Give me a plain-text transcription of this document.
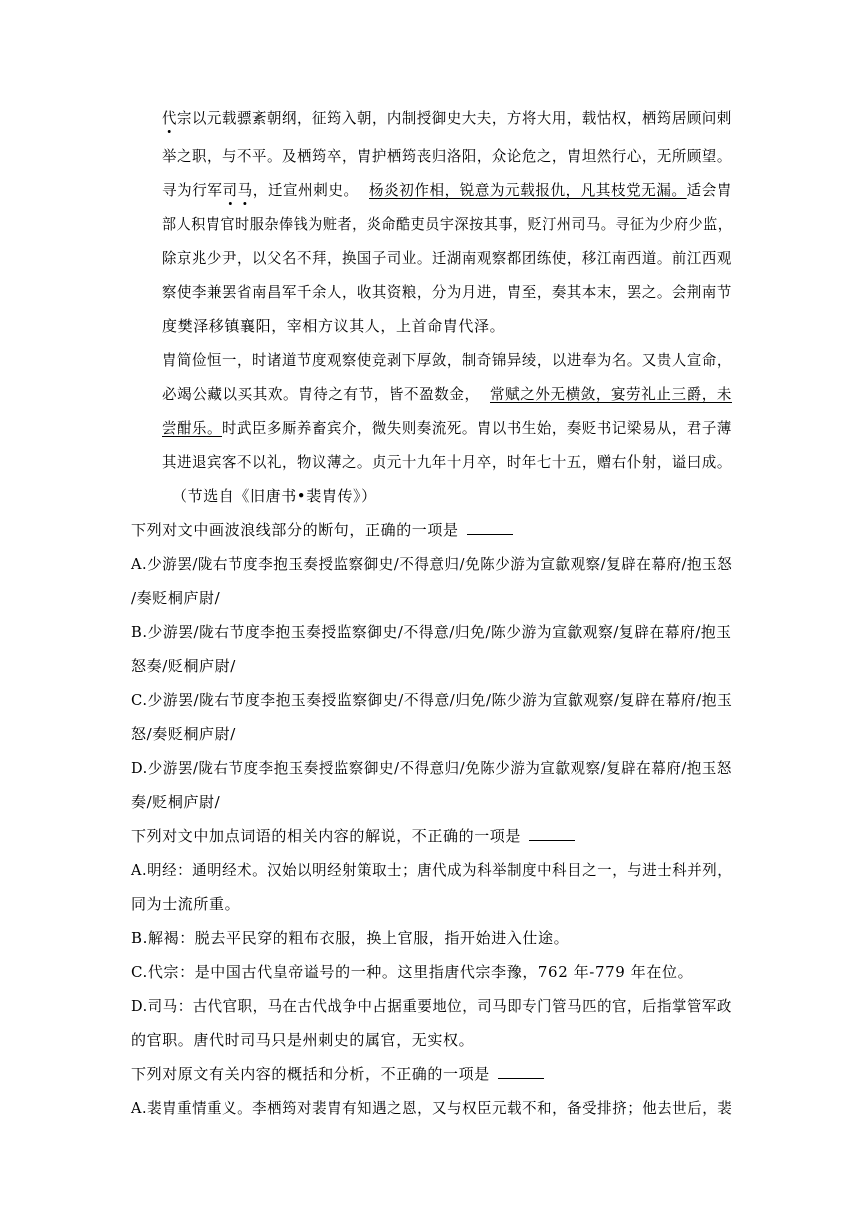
代宗以元载骠紊朝纲，征筠入朝，内制授御史大夫，方将大用，载怙权，栖筠居顾问剌
举之职，与不平。及栖筠卒，胄护栖筠丧归洛阳，众论危之，胄坦然行心，无所顾望。
寻为行军司马，迁宣州刺史。 杨炎初作相，锐意为元载报仇，凡其枝党无漏。适会胄
部人积胄官时服杂俸钱为赃者，炎命酷吏员宇深按其事，贬汀州司马。寻征为少府少监，
除京兆少尹，以父名不拜，换国子司业。迁湖南观察都团练使，移江南西道。前江西观
察使李兼罢省南昌军千余人，收其资粮，分为月进，胄至，奏其本末，罢之。会荆南节
度樊泽移镇襄阳，宰相方议其人，上首命胄代泽。
胄简俭恒一，时诸道节度观察使竞剥下厚敛，制奇锦异绫，以进奉为名。又贵人宣命，
必竭公藏以买其欢。胄待之有节，皆不盈数金， 常赋之外无横敛，宴劳礼止三爵，未
尝酣乐。时武臣多厮养畜宾介，微失则奏流死。胄以书生始，奏贬书记梁易从，君子薄
其进退宾客不以礼，物议薄之。贞元十九年十月卒，时年七十五，赠右仆射，谥曰成。
（节选自《旧唐书•裴胄传》）
下列对文中画波浪线部分的断句，正确的一项是
A.少游罢/陇右节度李抱玉奏授监察御史/不得意归/免陈少游为宣歙观察/复辟在幕府/抱玉怒
/奏贬桐庐尉/
B.少游罢/陇右节度李抱玉奏授监察御史/不得意/归免/陈少游为宣歙观察/复辟在幕府/抱玉
怒奏/贬桐庐尉/
C.少游罢/陇右节度李抱玉奏授监察御史/不得意/归免/陈少游为宣歙观察/复辟在幕府/抱玉
怒/奏贬桐庐尉/
D.少游罢/陇右节度李抱玉奏授监察御史/不得意归/免陈少游为宣歙观察/复辟在幕府/抱玉怒
奏/贬桐庐尉/
下列对文中加点词语的相关内容的解说，不正确的一项是
A.明经：通明经术。汉始以明经射策取士；唐代成为科举制度中科目之一，与进士科并列，
同为士流所重。
B.解褐：脱去平民穿的粗布衣服，换上官服，指开始进入仕途。
C.代宗：是中国古代皇帝谥号的一种。这里指唐代宗李豫，762 年-779 年在位。
D.司马：古代官职，马在古代战争中占据重要地位，司马即专门管马匹的官，后指掌管军政
的官职。唐代时司马只是州刺史的属官，无实权。
下列对原文有关内容的概括和分析，不正确的一项是
A.裴胄重情重义。李栖筠对裴胄有知遇之恩，又与权臣元载不和，备受排挤；他去世后，裴
